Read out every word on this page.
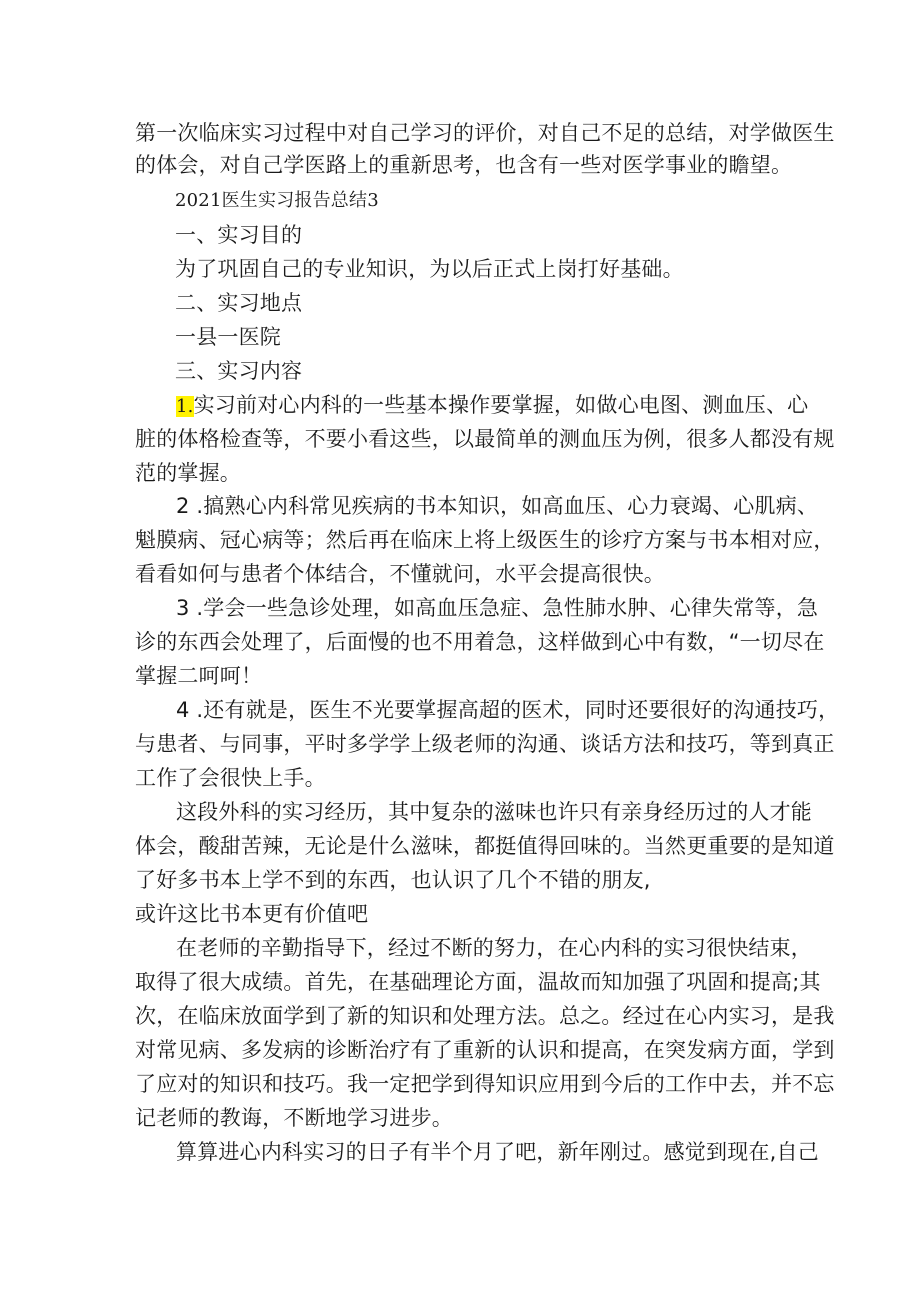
第一次临床实习过程中对自己学习的评价，对自己不足的总结，对学做医生
的体会，对自己学医路上的重新思考，也含有一些对医学事业的瞻望。
2021医生实习报告总结3
一、实习目的
为了巩固自己的专业知识，为以后正式上岗打好基础。
二、实习地点
一县一医院
三、实习内容
1.实习前对心内科的一些基本操作要掌握，如做心电图、测血压、心
脏的体格检查等，不要小看这些，以最简单的测血压为例，很多人都没有规
范的掌握。
2 .搞熟心内科常见疾病的书本知识，如高血压、心力衰竭、心肌病、
魁膜病、冠心病等；然后再在临床上将上级医生的诊疗方案与书本相对应，
看看如何与患者个体结合，不懂就问，水平会提高很快。
3 .学会一些急诊处理，如高血压急症、急性肺水肿、心律失常等，急
诊的东西会处理了，后面慢的也不用着急，这样做到心中有数，“一切尽在
掌握二呵呵！
4 .还有就是，医生不光要掌握高超的医术，同时还要很好的沟通技巧，
与患者、与同事，平时多学学上级老师的沟通、谈话方法和技巧，等到真正
工作了会很快上手。
这段外科的实习经历，其中复杂的滋味也许只有亲身经历过的人才能
体会，酸甜苦辣，无论是什么滋味，都挺值得回味的。当然更重要的是知道
了好多书本上学不到的东西，也认识了几个不错的朋友,
或许这比书本更有价值吧
在老师的辛勤指导下，经过不断的努力，在心内科的实习很快结束，
取得了很大成绩。首先，在基础理论方面，温故而知加强了巩固和提高;其
次，在临床放面学到了新的知识和处理方法。总之。经过在心内实习，是我
对常见病、多发病的诊断治疗有了重新的认识和提高，在突发病方面，学到
了应对的知识和技巧。我一定把学到得知识应用到今后的工作中去，并不忘
记老师的教诲，不断地学习进步。
算算进心内科实习的日子有半个月了吧，新年刚过。感觉到现在,自己
